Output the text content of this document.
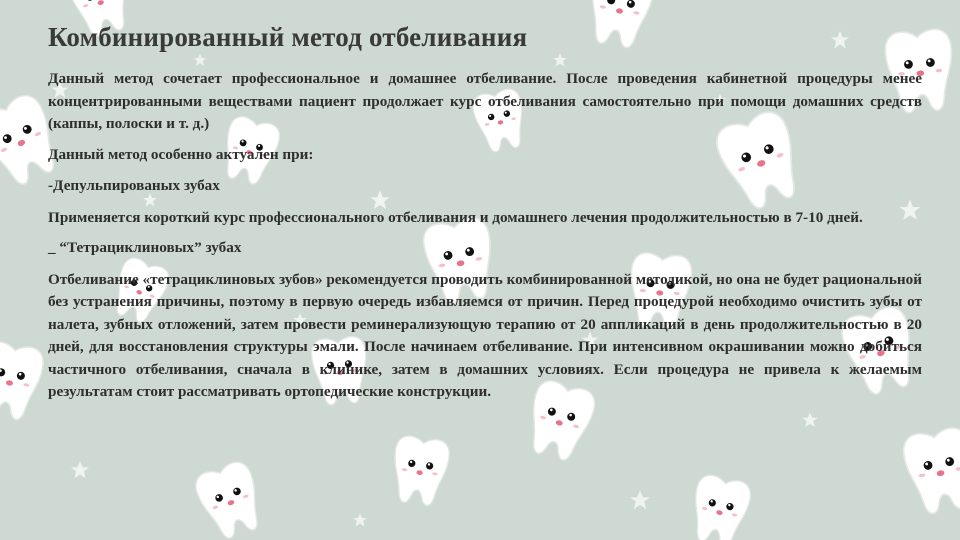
Комбинированный метод отбеливания
Данный метод сочетает профессиональное и домашнее отбеливание. После проведения кабинетной процедуры менее концентрированными веществами пациент продолжает курс отбеливания самостоятельно при помощи домашних средств (каппы, полоски и т. д.)
Данный метод особенно актуален при:
-Депульпированых зубах
Применяется короткий курс профессионального отбеливания и домашнего лечения продолжительностью в 7-10 дней.
_ “Тетрациклиновых” зубах
Отбеливание «тетрациклиновых зубов» рекомендуется проводить комбинированной методикой, но она не будет рациональной без устранения причины, поэтому в первую очередь избавляемся от причин. Перед процедурой необходимо очистить зубы от налета, зубных отложений, затем провести реминерализующую терапию от 20 аппликаций в день продолжительностью в 20 дней, для восстановления структуры эмали. После начинаем отбеливание. При интенсивном окрашивании можно добиться частичного отбеливания, сначала в клинике, затем в домашних условиях. Если процедура не привела к желаемым результатам стоит рассматривать ортопедические конструкции.
